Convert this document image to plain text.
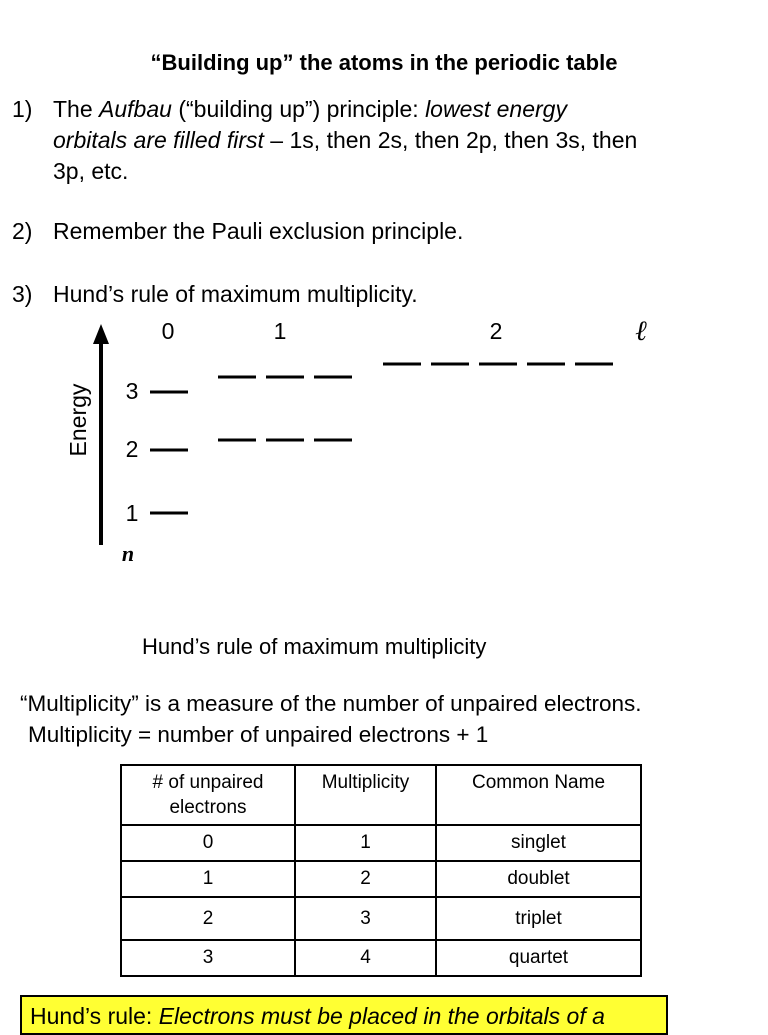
“Building up” the atoms in the periodic table
1) The Aufbau (“building up”) principle: lowest energy
orbitals are filled first – 1s, then 2s, then 2p, then 3s, then
3p, etc.
2) Remember the Pauli exclusion principle.
3) Hund’s rule of maximum multiplicity.
Energy
n
ℓ
0	1	2
3
2
1
Hund’s rule of maximum multiplicity
“Multiplicity” is a measure of the number of unpaired electrons.
Multiplicity = number of unpaired electrons + 1
# of unpaired electrons	Multiplicity	Common Name
0	1	singlet
1	2	doublet
2	3	triplet
3	4	quartet
Hund’s rule: Electrons must be placed in the orbitals of a
